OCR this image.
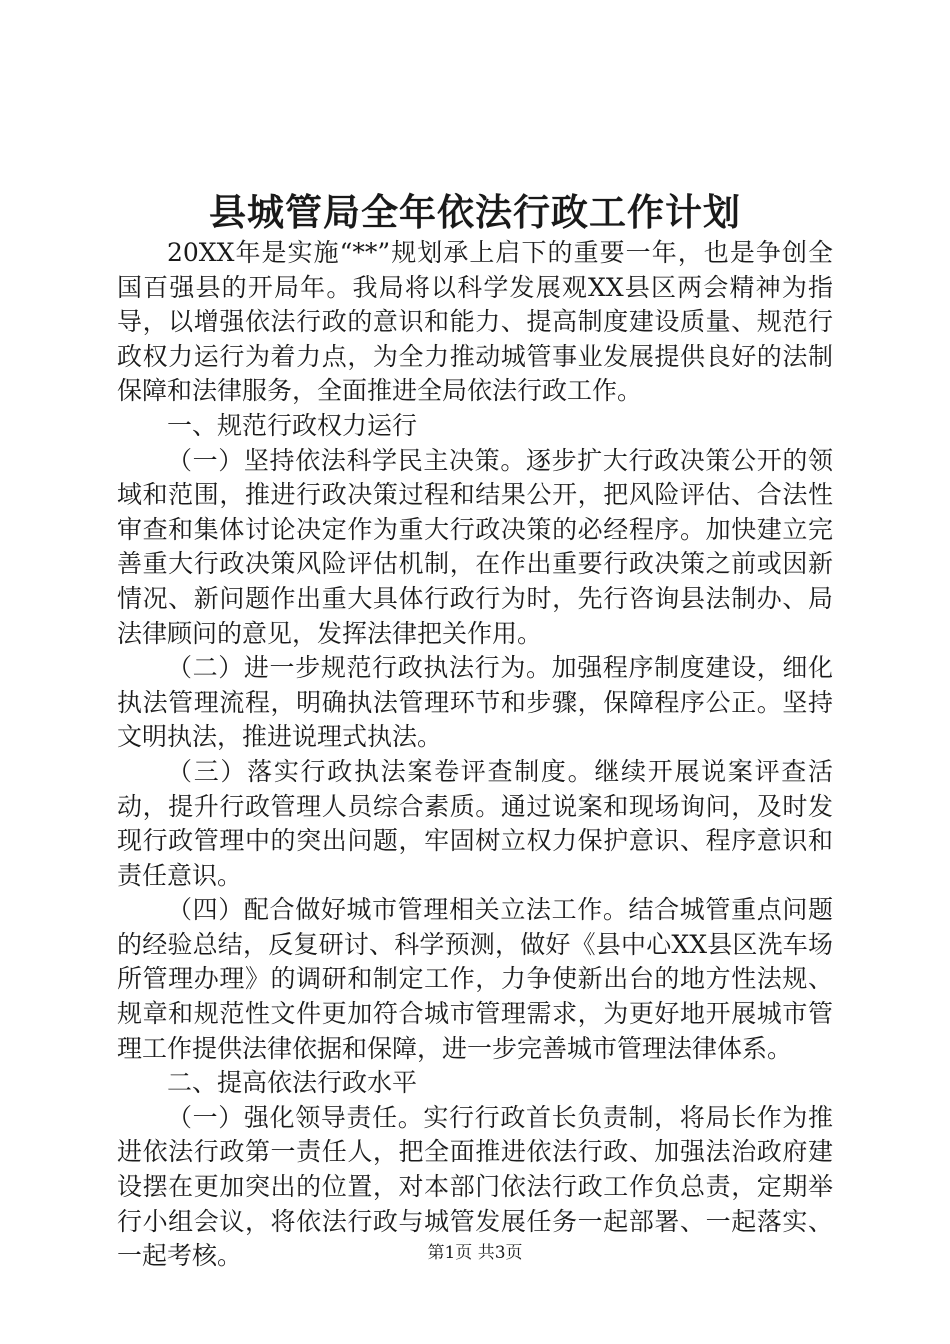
县城管局全年依法行政工作计划

20XX年是实施“**”规划承上启下的重要一年，也是争创全国百强县的开局年。我局将以科学发展观XX县区两会精神为指导，以增强依法行政的意识和能力、提高制度建设质量、规范行政权力运行为着力点，为全力推动城管事业发展提供良好的法制保障和法律服务，全面推进全局依法行政工作。

一、规范行政权力运行

（一）坚持依法科学民主决策。逐步扩大行政决策公开的领域和范围，推进行政决策过程和结果公开，把风险评估、合法性审查和集体讨论决定作为重大行政决策的必经程序。加快建立完善重大行政决策风险评估机制，在作出重要行政决策之前或因新情况、新问题作出重大具体行政行为时，先行咨询县法制办、局法律顾问的意见，发挥法律把关作用。

（二）进一步规范行政执法行为。加强程序制度建设，细化执法管理流程，明确执法管理环节和步骤，保障程序公正。坚持文明执法，推进说理式执法。

（三）落实行政执法案卷评查制度。继续开展说案评查活动，提升行政管理人员综合素质。通过说案和现场询问，及时发现行政管理中的突出问题，牢固树立权力保护意识、程序意识和责任意识。

（四）配合做好城市管理相关立法工作。结合城管重点问题的经验总结，反复研讨、科学预测，做好《县中心XX县区洗车场所管理办理》的调研和制定工作，力争使新出台的地方性法规、规章和规范性文件更加符合城市管理需求，为更好地开展城市管理工作提供法律依据和保障，进一步完善城市管理法律体系。

二、提高依法行政水平

（一）强化领导责任。实行行政首长负责制，将局长作为推进依法行政第一责任人，把全面推进依法行政、加强法治政府建设摆在更加突出的位置，对本部门依法行政工作负总责，定期举行小组会议，将依法行政与城管发展任务一起部署、一起落实、一起考核。	第1页 共3页
